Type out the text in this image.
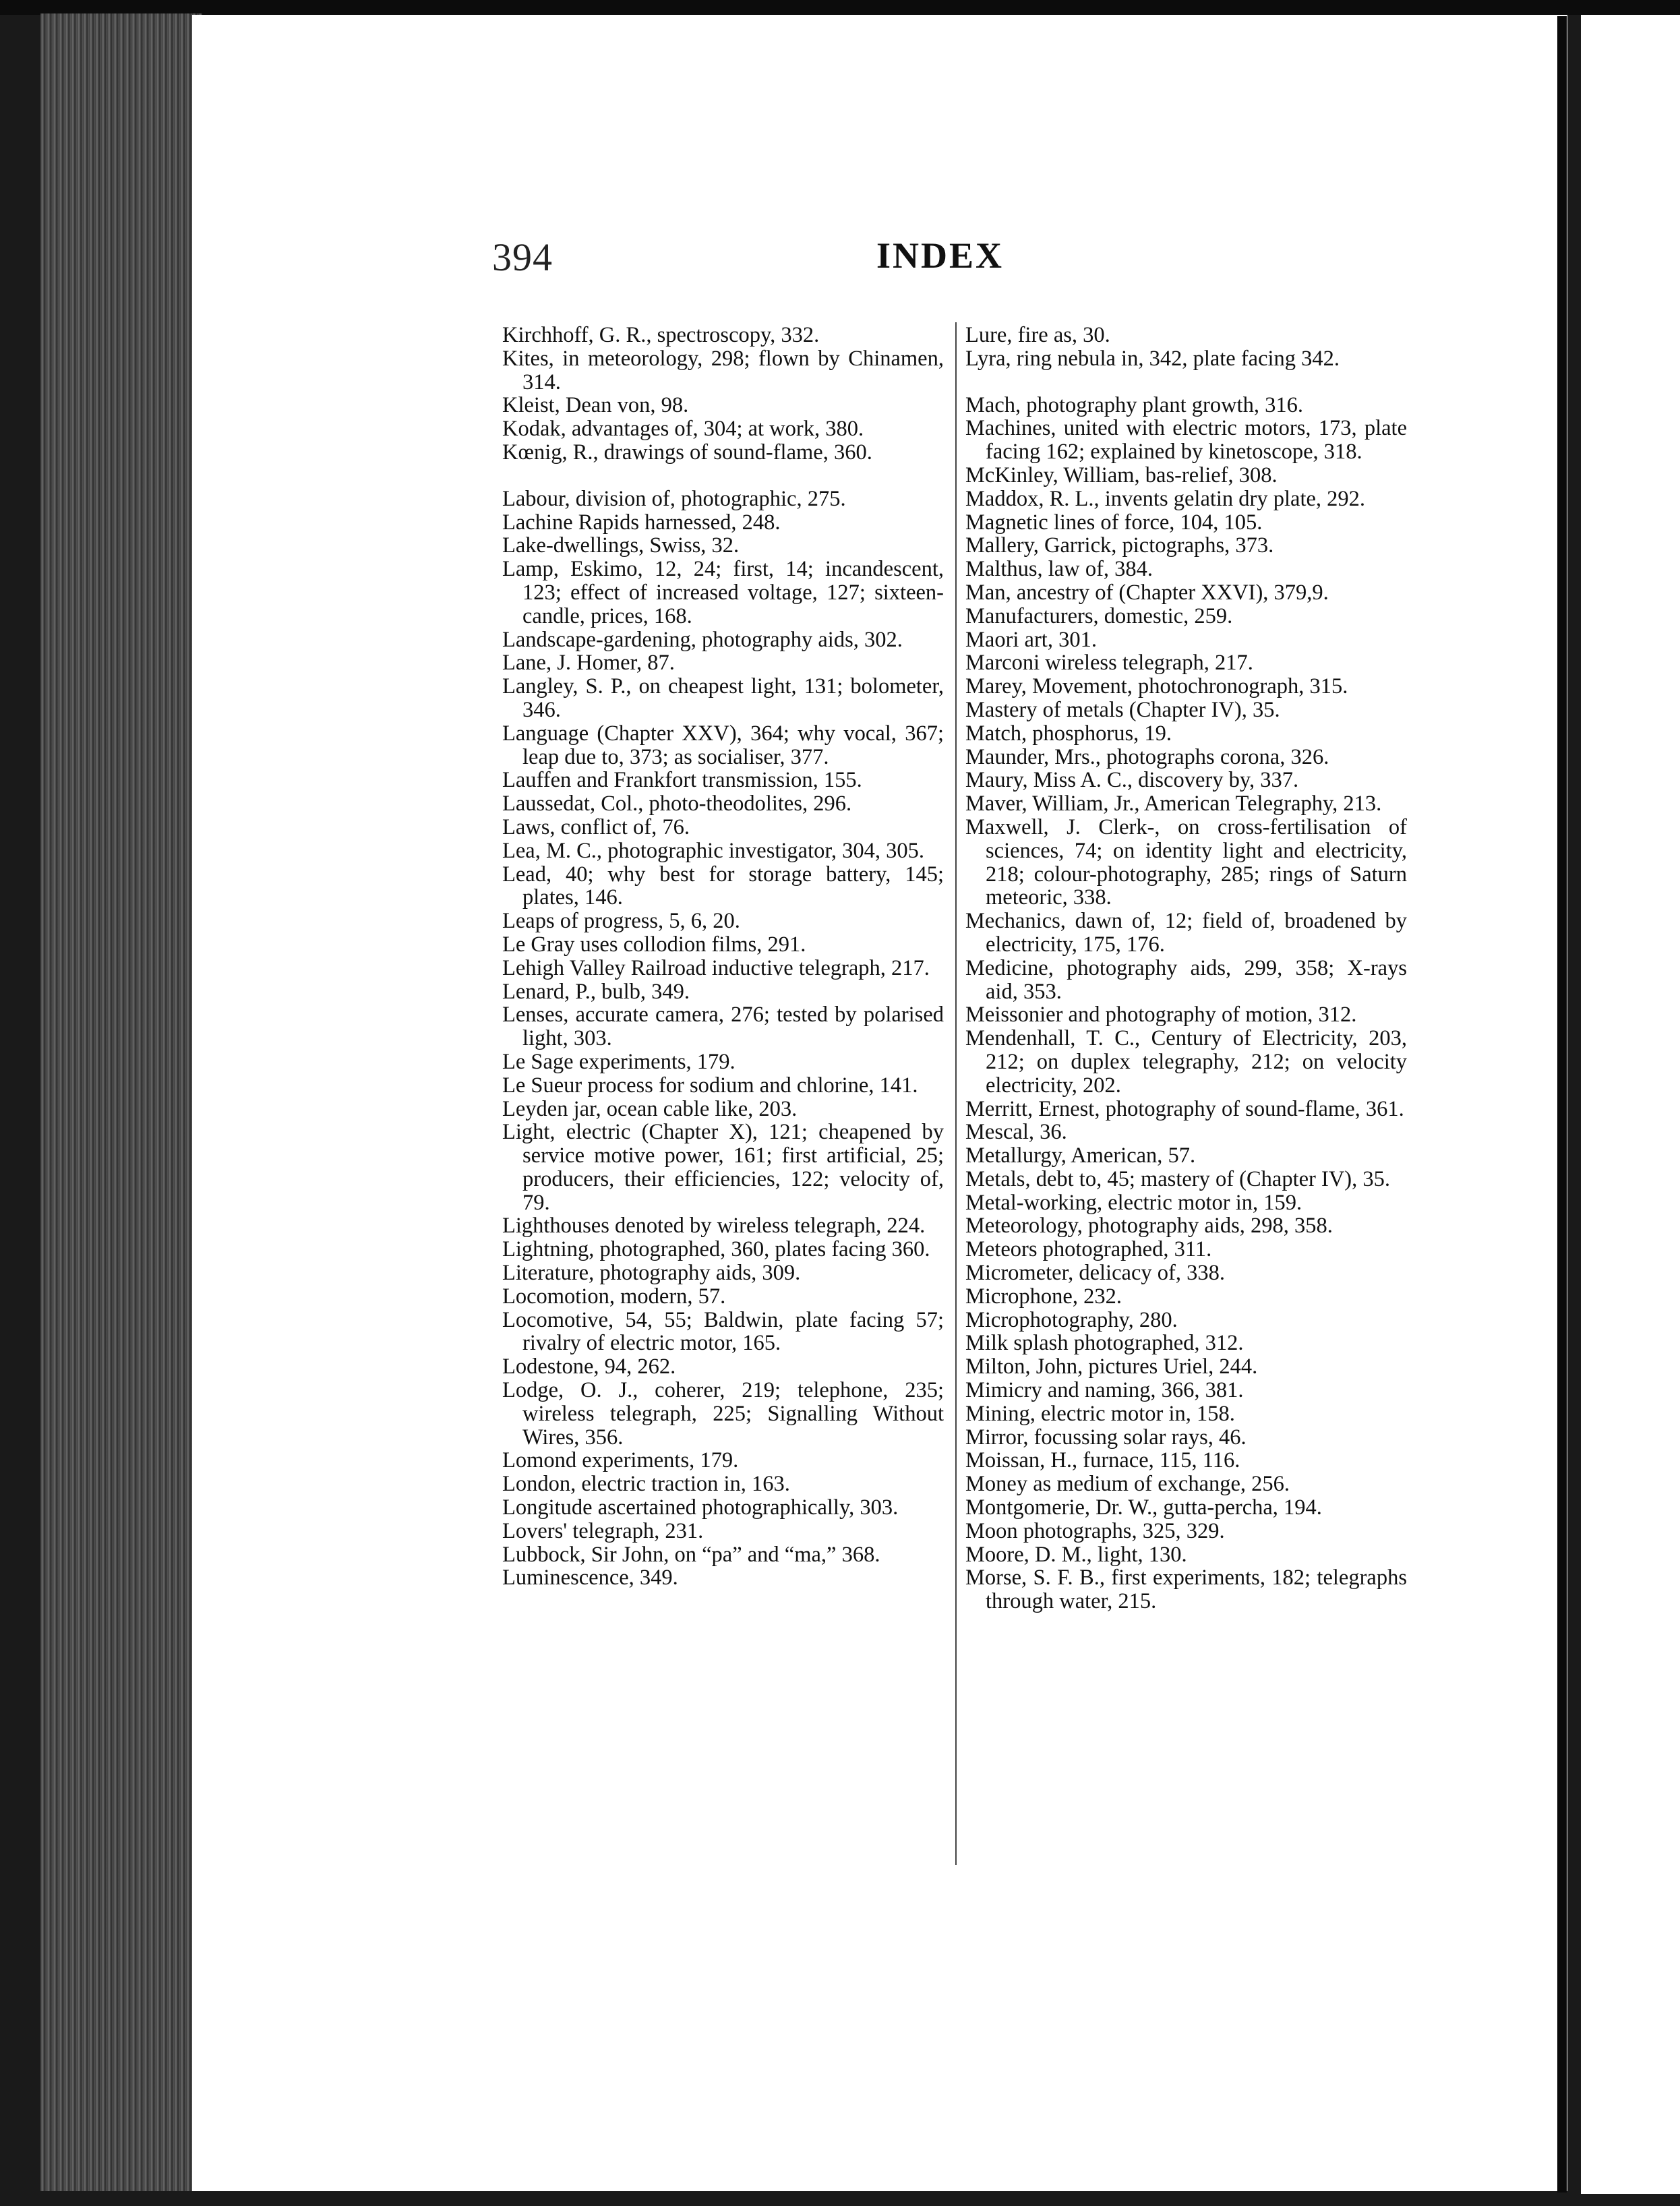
394	INDEX
Kirchhoff, G. R., spectroscopy, 332.
Kites, in meteorology, 298; flown by Chinamen, 314.
Kleist, Dean von, 98.
Kodak, advantages of, 304; at work, 380.
Kœnig, R., drawings of sound-flame, 360.
Labour, division of, photographic, 275.
Lachine Rapids harnessed, 248.
Lake-dwellings, Swiss, 32.
Lamp, Eskimo, 12, 24; first, 14; incandescent, 123; effect of increased voltage, 127; sixteen-candle, prices, 168.
Landscape-gardening, photography aids, 302.
Lane, J. Homer, 87.
Langley, S. P., on cheapest light, 131; bolometer, 346.
Language (Chapter XXV), 364; why vocal, 367; leap due to, 373; as socialiser, 377.
Lauffen and Frankfort transmission, 155.
Laussedat, Col., photo-theodolites, 296.
Laws, conflict of, 76.
Lea, M. C., photographic investigator, 304, 305.
Lead, 40; why best for storage battery, 145; plates, 146.
Leaps of progress, 5, 6, 20.
Le Gray uses collodion films, 291.
Lehigh Valley Railroad inductive telegraph, 217.
Lenard, P., bulb, 349.
Lenses, accurate camera, 276; tested by polarised light, 303.
Le Sage experiments, 179.
Le Sueur process for sodium and chlorine, 141.
Leyden jar, ocean cable like, 203.
Light, electric (Chapter X), 121; cheapened by service motive power, 161; first artificial, 25; producers, their efficiencies, 122; velocity of, 79.
Lighthouses denoted by wireless telegraph, 224.
Lightning, photographed, 360, plates facing 360.
Literature, photography aids, 309.
Locomotion, modern, 57.
Locomotive, 54, 55; Baldwin, plate facing 57; rivalry of electric motor, 165.
Lodestone, 94, 262.
Lodge, O. J., coherer, 219; telephone, 235; wireless telegraph, 225; Signalling Without Wires, 356.
Lomond experiments, 179.
London, electric traction in, 163.
Longitude ascertained photographically, 303.
Lovers' telegraph, 231.
Lubbock, Sir John, on “pa” and “ma,” 368.
Luminescence, 349.
Lure, fire as, 30.
Lyra, ring nebula in, 342, plate facing 342.
Mach, photography plant growth, 316.
Machines, united with electric motors, 173, plate facing 162; explained by kinetoscope, 318.
McKinley, William, bas-relief, 308.
Maddox, R. L., invents gelatin dry plate, 292.
Magnetic lines of force, 104, 105.
Mallery, Garrick, pictographs, 373.
Malthus, law of, 384.
Man, ancestry of (Chapter XXVI), 379,9.
Manufacturers, domestic, 259.
Maori art, 301.
Marconi wireless telegraph, 217.
Marey, Movement, photochronograph, 315.
Mastery of metals (Chapter IV), 35.
Match, phosphorus, 19.
Maunder, Mrs., photographs corona, 326.
Maury, Miss A. C., discovery by, 337.
Maver, William, Jr., American Telegraphy, 213.
Maxwell, J. Clerk-, on cross-fertilisation of sciences, 74; on identity light and electricity, 218; colour-photography, 285; rings of Saturn meteoric, 338.
Mechanics, dawn of, 12; field of, broadened by electricity, 175, 176.
Medicine, photography aids, 299, 358; X-rays aid, 353.
Meissonier and photography of motion, 312.
Mendenhall, T. C., Century of Electricity, 203, 212; on duplex telegraphy, 212; on velocity electricity, 202.
Merritt, Ernest, photography of sound-flame, 361.
Mescal, 36.
Metallurgy, American, 57.
Metals, debt to, 45; mastery of (Chapter IV), 35.
Metal-working, electric motor in, 159.
Meteorology, photography aids, 298, 358.
Meteors photographed, 311.
Micrometer, delicacy of, 338.
Microphone, 232.
Microphotography, 280.
Milk splash photographed, 312.
Milton, John, pictures Uriel, 244.
Mimicry and naming, 366, 381.
Mining, electric motor in, 158.
Mirror, focussing solar rays, 46.
Moissan, H., furnace, 115, 116.
Money as medium of exchange, 256.
Montgomerie, Dr. W., gutta-percha, 194.
Moon photographs, 325, 329.
Moore, D. M., light, 130.
Morse, S. F. B., first experiments, 182; telegraphs through water, 215.
